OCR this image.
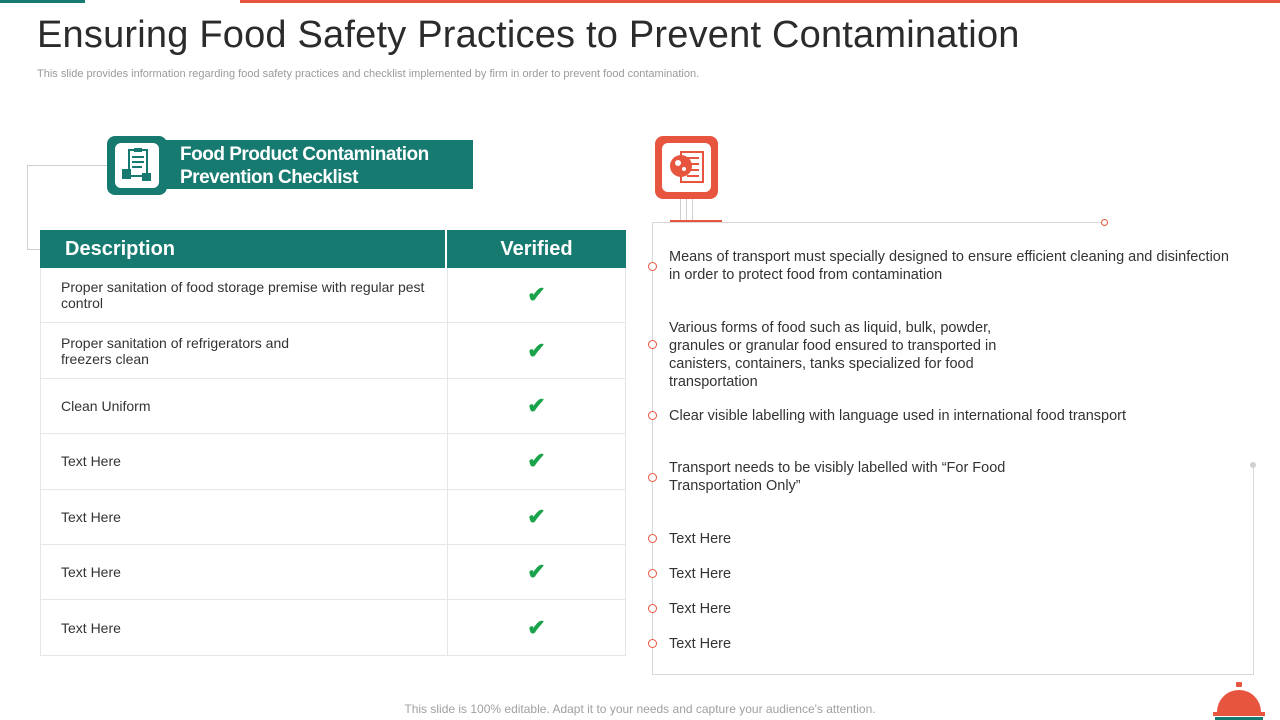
Ensuring Food Safety Practices to Prevent Contamination

This slide provides information regarding food safety practices and checklist implemented by firm in order to prevent food contamination.

Food Product Contamination
Prevention Checklist
Description	Verified
Proper sanitation of food storage premise with regular pest control	✔
Proper sanitation of refrigerators and freezers clean	✔
Clean Uniform	✔
Text Here	✔
Text Here	✔
Text Here	✔
Text Here	✔
Means of transport must specially designed to ensure efficient cleaning and disinfection in order to protect food from contamination
Various forms of food such as liquid, bulk, powder, granules or granular food ensured to transported in canisters, containers, tanks specialized for food transportation
Clear visible labelling with language used in international food transport
Transport needs to be visibly labelled with “For Food Transportation Only”
Text Here
Text Here
Text Here
Text Here
This slide is 100% editable. Adapt it to your needs and capture your audience's attention.
